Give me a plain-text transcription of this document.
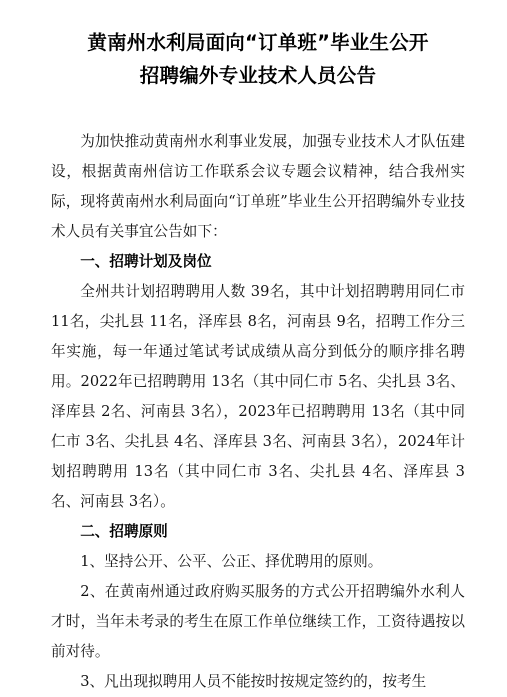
黄南州水利局面向“订单班”毕业生公开

招聘编外专业技术人员公告

为加快推动黄南州水利事业发展，加强专业技术人才队伍建设，根据黄南州信访工作联系会议专题会议精神，结合我州实际，现将黄南州水利局面向“订单班”毕业生公开招聘编外专业技术人员有关事宜公告如下：

一、招聘计划及岗位

全州共计划招聘聘用人数 39名，其中计划招聘聘用同仁市 11名，尖扎县 11名，泽库县 8名，河南县 9名，招聘工作分三年实施，每一年通过笔试考试成绩从高分到低分的顺序排名聘用。2022年已招聘聘用 13名（其中同仁市 5名、尖扎县 3名、泽库县 2名、河南县 3名），2023年已招聘聘用 13名（其中同仁市 3名、尖扎县 4名、泽库县 3名、河南县 3名），2024年计划招聘聘用 13名（其中同仁市 3名、尖扎县 4名、泽库县 3名、河南县 3名）。

二、招聘原则

1、坚持公开、公平、公正、择优聘用的原则。

2、在黄南州通过政府购买服务的方式公开招聘编外水利人才时，当年未考录的考生在原工作单位继续工作，工资待遇按以前对待。

3、凡出现拟聘用人员不能按时按规定签约的，按考生
